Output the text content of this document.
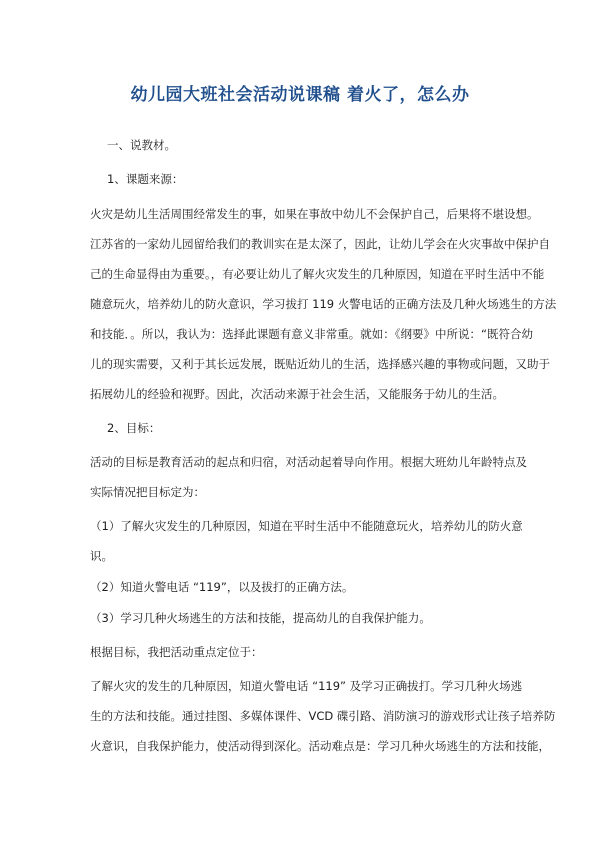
幼儿园大班社会活动说课稿 着火了，怎么办
一、说教材。
1、课题来源：
火灾是幼儿生活周围经常发生的事，如果在事故中幼儿不会保护自己，后果将不堪设想。
江苏省的一家幼儿园留给我们的教训实在是太深了，因此，让幼儿学会在火灾事故中保护自
己的生命显得由为重要。，有必要让幼儿了解火灾发生的几种原因，知道在平时生活中不能
随意玩火，培养幼儿的防火意识，学习拔打 119 火警电话的正确方法及几种火场逃生的方法
和技能．。所以，我认为：选择此课题有意义非常重。就如：《纲要》中所说：“既符合幼
儿的现实需要，又利于其长远发展，既贴近幼儿的生活，选择感兴趣的事物或问题，又助于
拓展幼儿的经验和视野。因此，次活动来源于社会生活，又能服务于幼儿的生活。
2、目标：
活动的目标是教育活动的起点和归宿，对活动起着导向作用。根据大班幼儿年龄特点及
实际情况把目标定为：
（1）了解火灾发生的几种原因，知道在平时生活中不能随意玩火，培养幼儿的防火意
识。
（2）知道火警电话 “119”，以及拔打的正确方法。
（3）学习几种火场逃生的方法和技能，提高幼儿的自我保护能力。
根据目标，我把活动重点定位于：
了解火灾的发生的几种原因，知道火警电话 “119” 及学习正确拔打。学习几种火场逃
生的方法和技能。通过挂图、多媒体课件、VCD 碟引路、消防演习的游戏形式让孩子培养防
火意识，自我保护能力，使活动得到深化。活动难点是：学习几种火场逃生的方法和技能，
